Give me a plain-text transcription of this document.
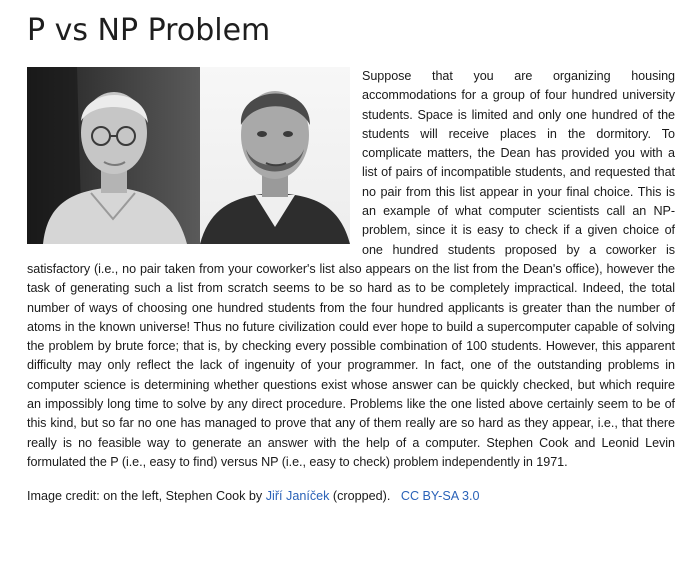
P vs NP Problem

Suppose that you are organizing housing accommodations for a group of four hundred university students. Space is limited and only one hundred of the students will receive places in the dormitory. To complicate matters, the Dean has provided you with a list of pairs of incompatible students, and requested that no pair from this list appear in your final choice. This is an example of what computer scientists call an NP-problem, since it is easy to check if a given choice of one hundred students proposed by a coworker is satisfactory (i.e., no pair taken from your coworker's list also appears on the list from the Dean's office), however the task of generating such a list from scratch seems to be so hard as to be completely impractical. Indeed, the total number of ways of choosing one hundred students from the four hundred applicants is greater than the number of atoms in the known universe! Thus no future civilization could ever hope to build a supercomputer capable of solving the problem by brute force; that is, by checking every possible combination of 100 students. However, this apparent difficulty may only reflect the lack of ingenuity of your programmer. In fact, one of the outstanding problems in computer science is determining whether questions exist whose answer can be quickly checked, but which require an impossibly long time to solve by any direct procedure. Problems like the one listed above certainly seem to be of this kind, but so far no one has managed to prove that any of them really are so hard as they appear, i.e., that there really is no feasible way to generate an answer with the help of a computer. Stephen Cook and Leonid Levin formulated the P (i.e., easy to find) versus NP (i.e., easy to check) problem independently in 1971.

Image credit: on the left, Stephen Cook by Jiří Janíček (cropped). CC BY-SA 3.0
